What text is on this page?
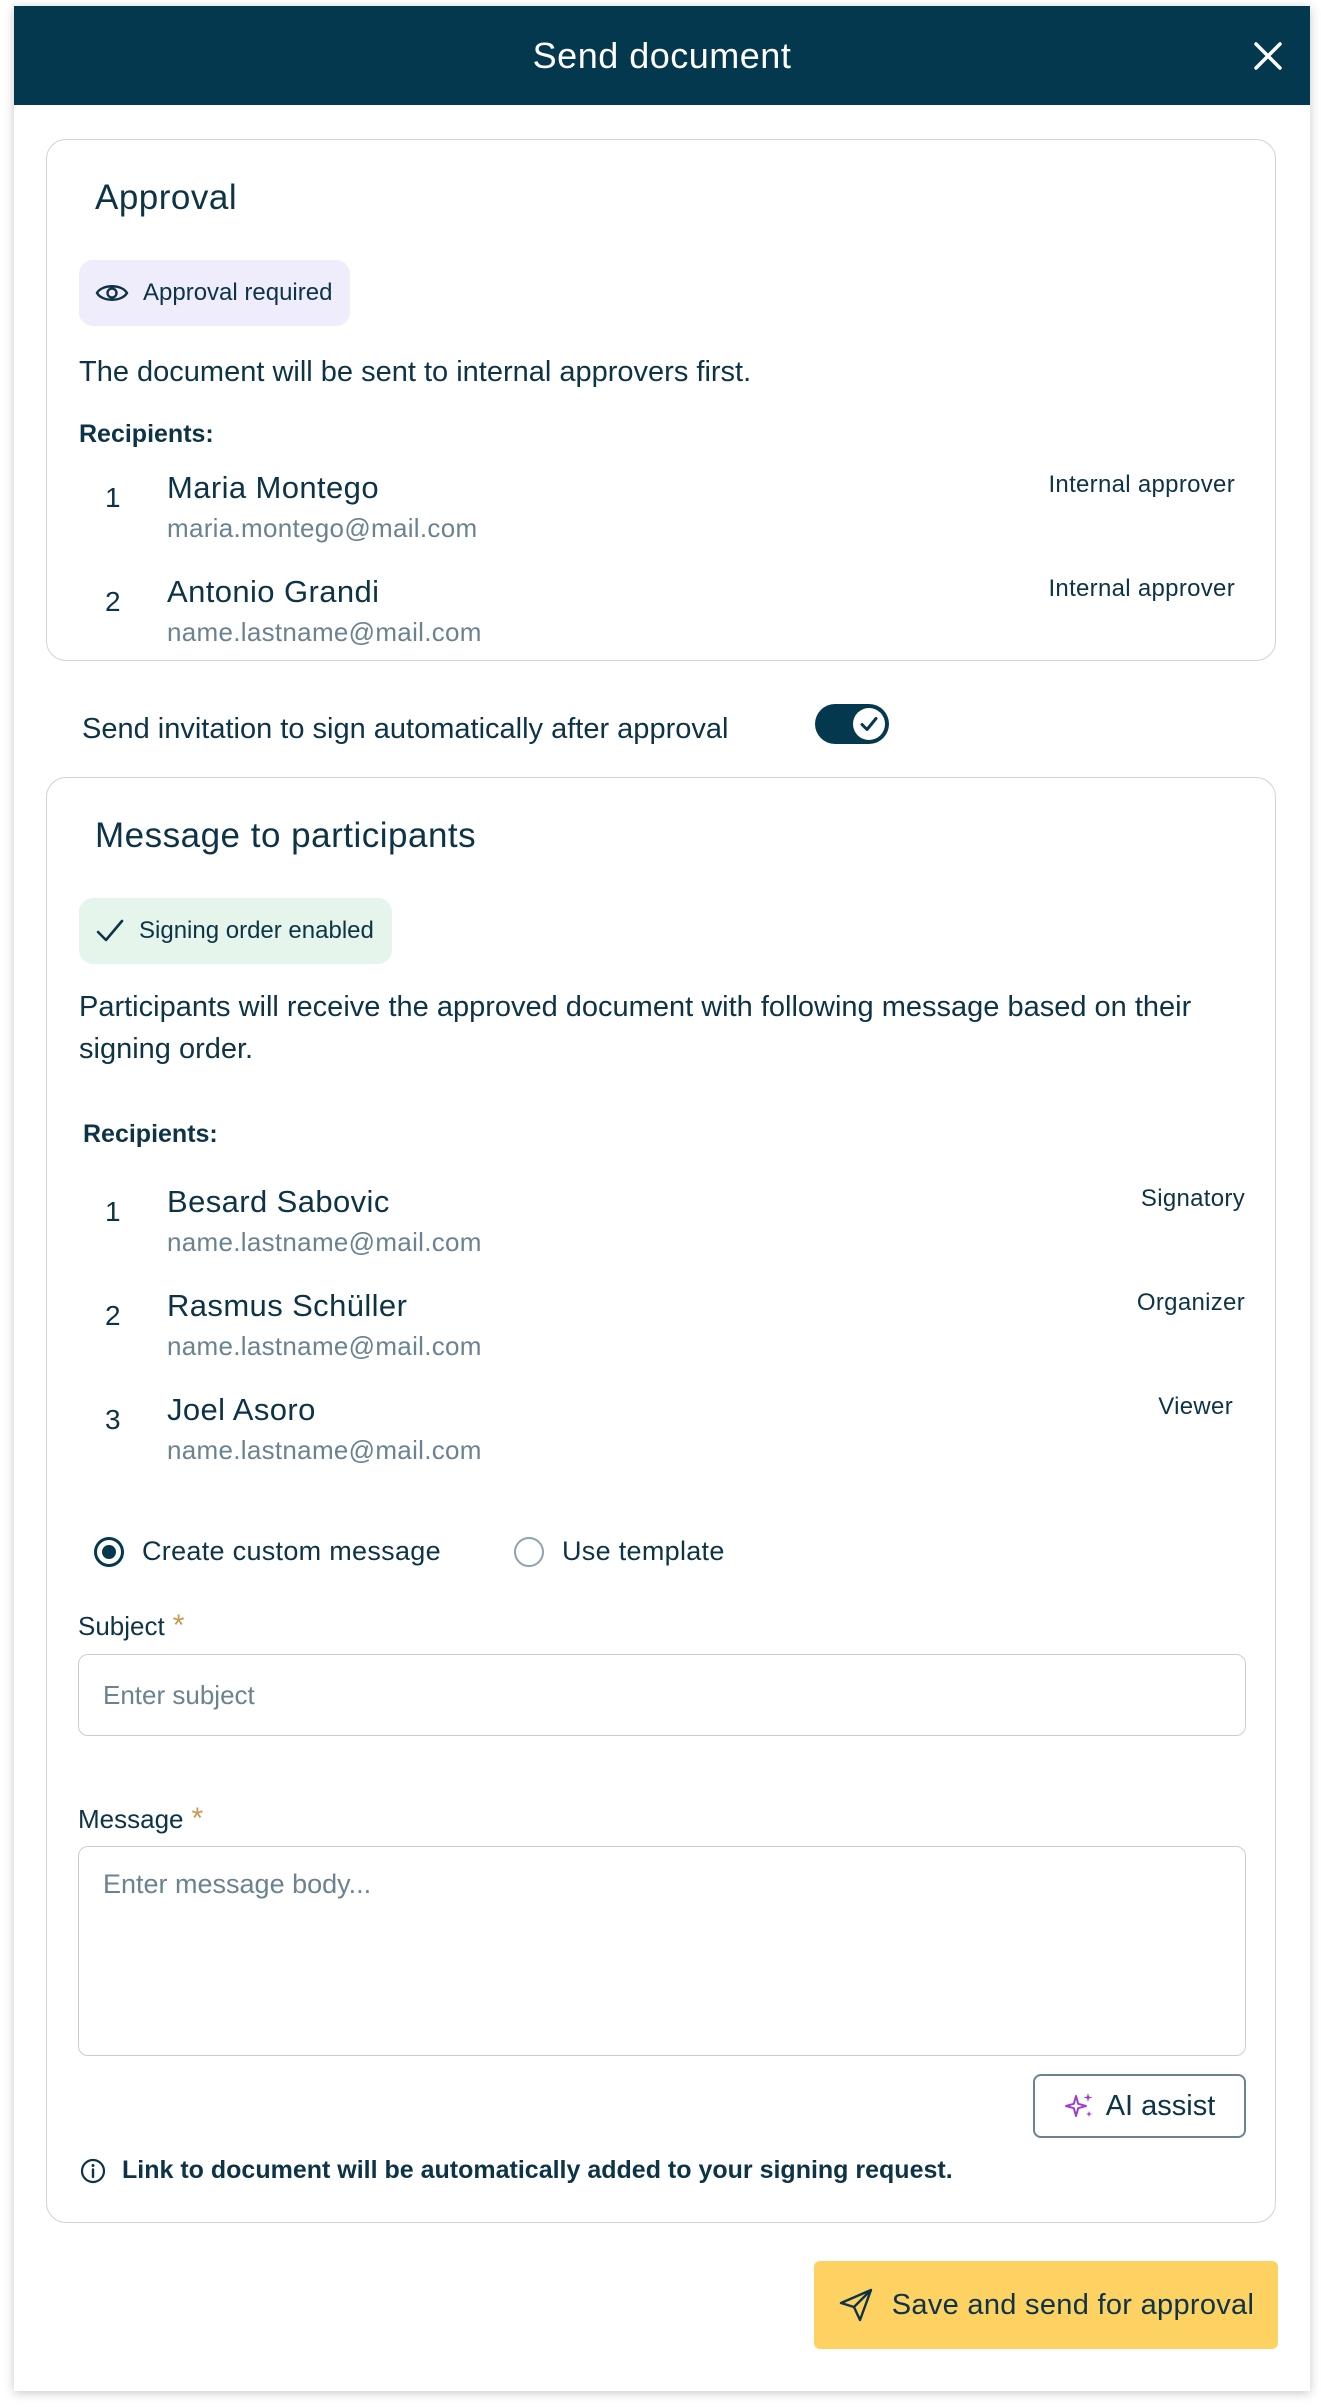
Send document
Approval
Approval required
The document will be sent to internal approvers first.
Recipients:
1 Maria Montego
maria.montego@mail.com
Internal approver
2 Antonio Grandi
name.lastname@mail.com
Internal approver
Send invitation to sign automatically after approval
Message to participants
Signing order enabled
Participants will receive the approved document with following message based on their signing order.
Recipients:
1 Besard Sabovic
name.lastname@mail.com
Signatory
2 Rasmus Schüller
name.lastname@mail.com
Organizer
3 Joel Asoro
name.lastname@mail.com
Viewer
Create custom message	Use template
Subject *
Enter subject
Message *
Enter message body...
AI assist
Link to document will be automatically added to your signing request.
Save and send for approval
